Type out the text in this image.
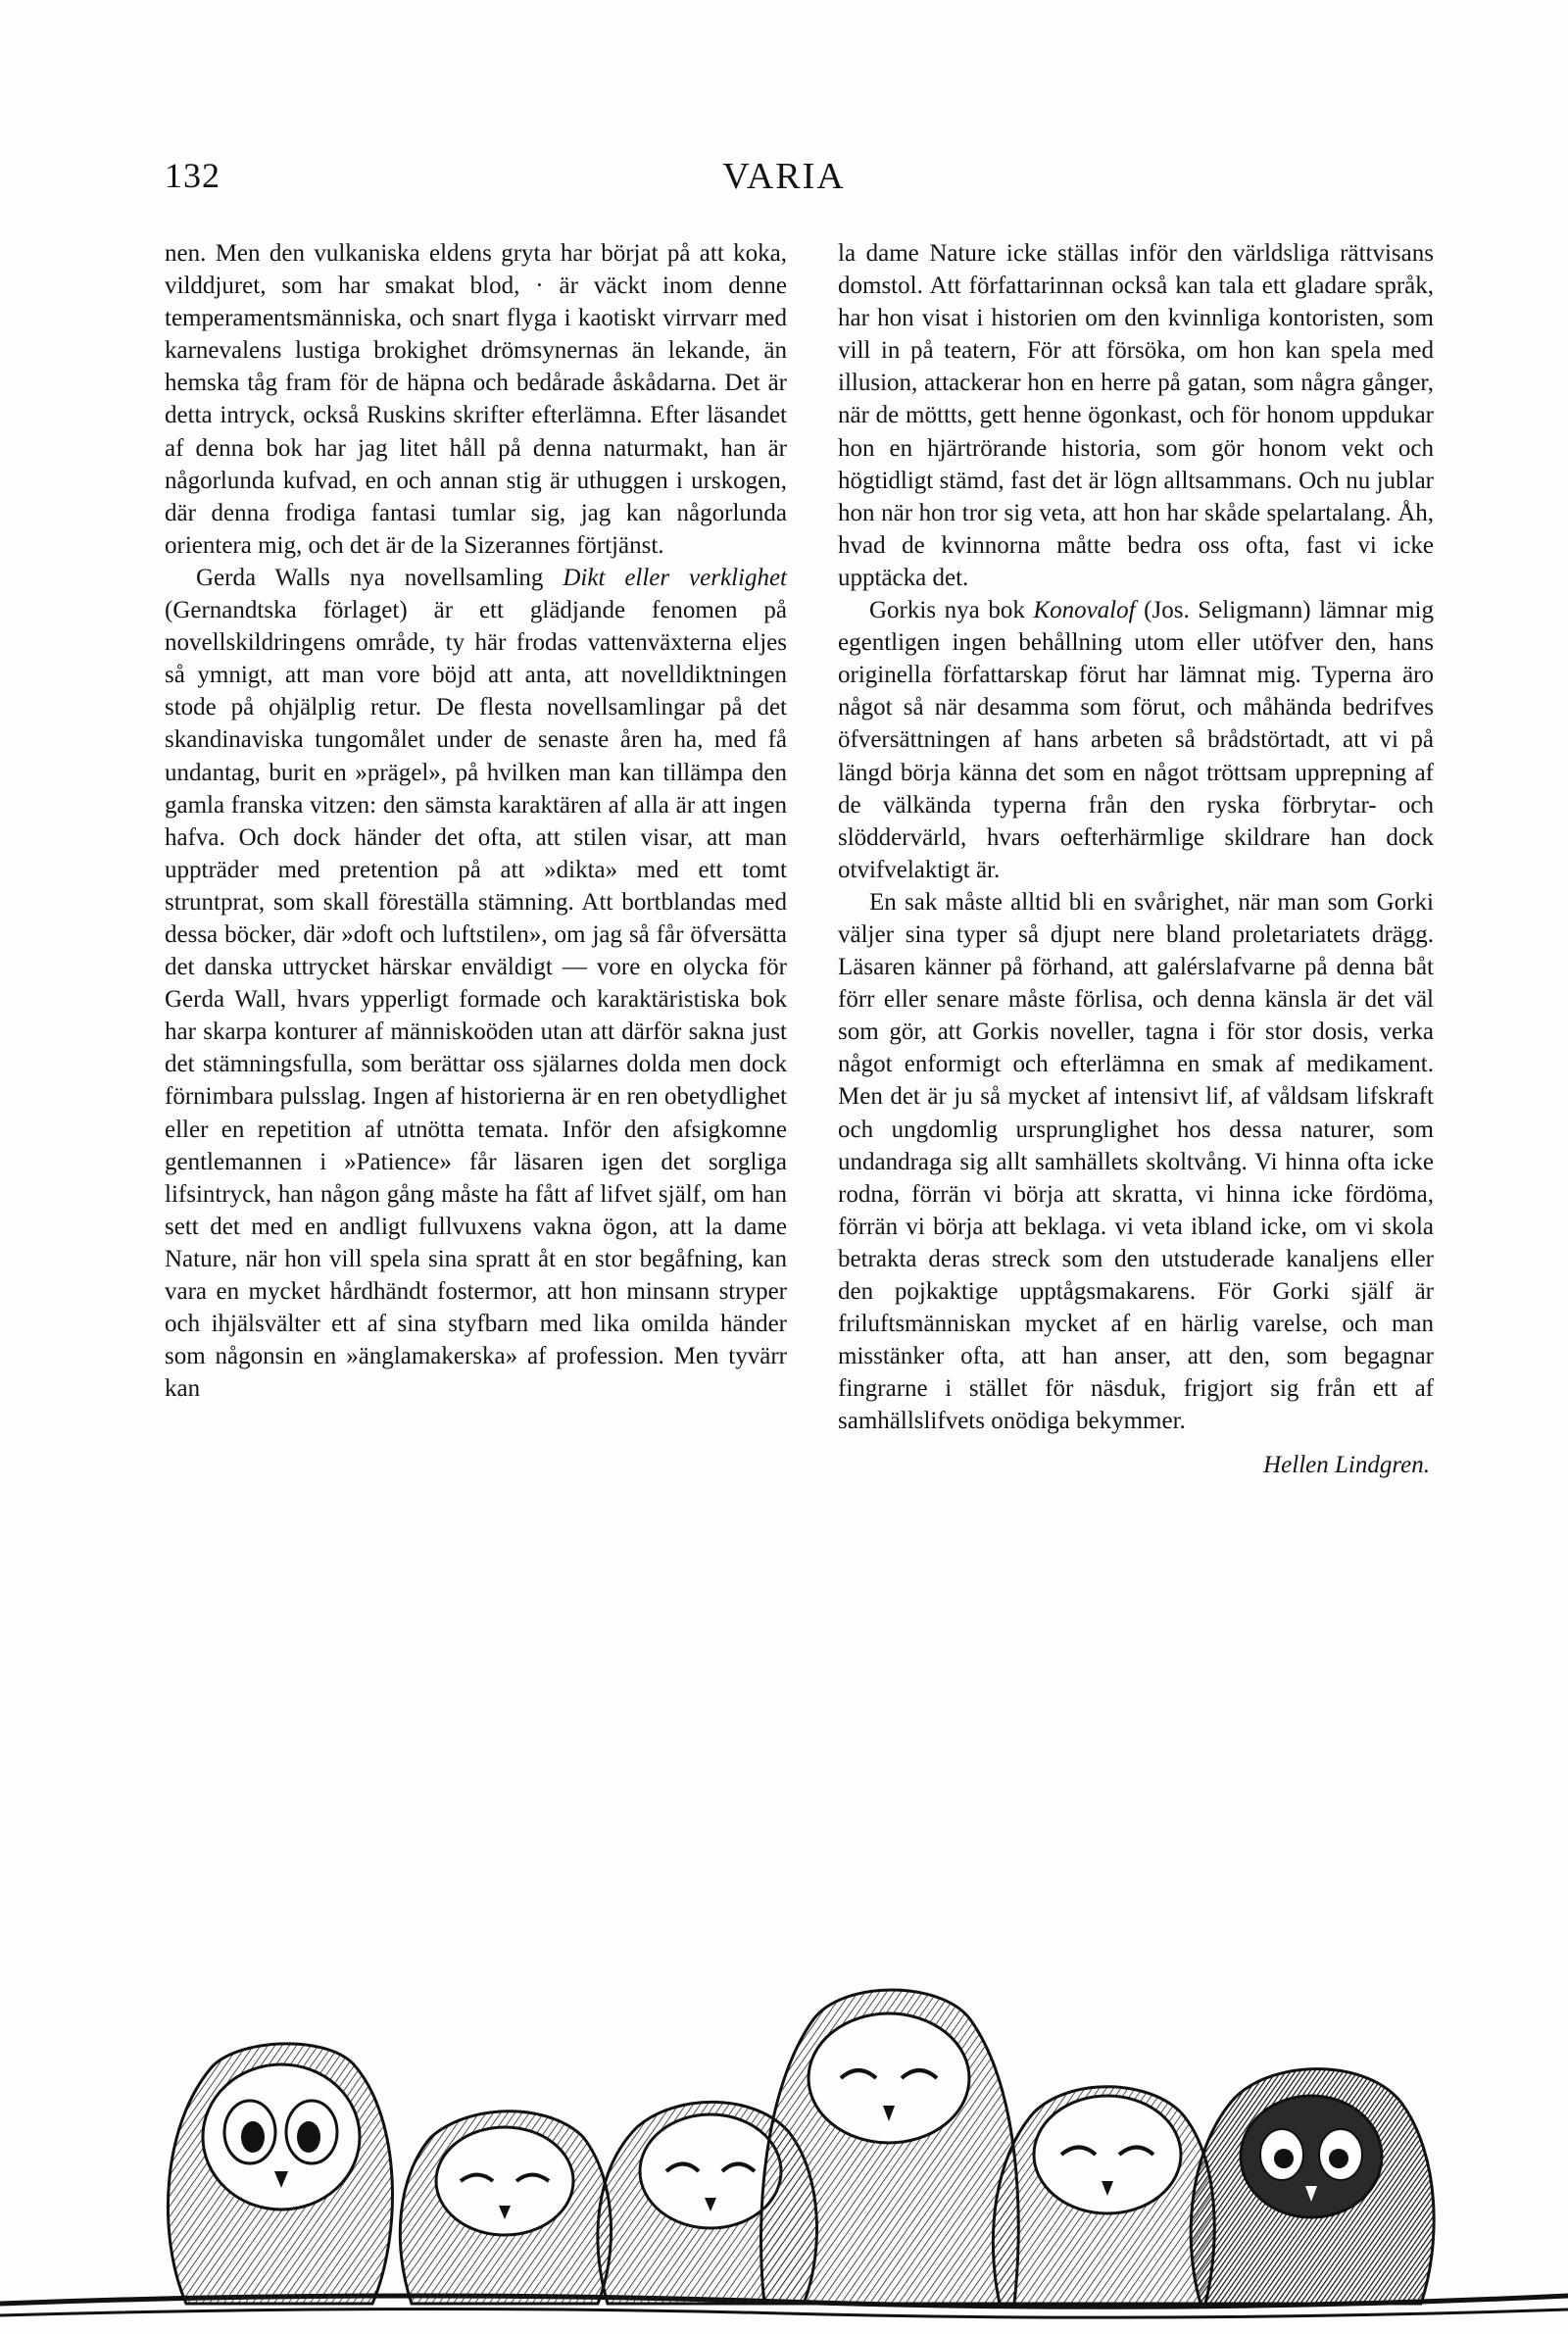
132	VARIA

nen. Men den vulkaniska eldens gryta har börjat på att koka, vilddjuret, som har smakat blod, · är väckt inom denne temperamentsmänniska, och snart flyga i kaotiskt virrvarr med karnevalens lustiga brokighet drömsynernas än lekande, än hemska tåg fram för de häpna och bedårade åskådarna. Det är detta intryck, också Ruskins skrifter efterlämna. Efter läsandet af denna bok har jag litet håll på denna naturmakt, han är någorlunda kufvad, en och annan stig är uthuggen i urskogen, där denna frodiga fantasi tumlar sig, jag kan någorlunda orientera mig, och det är de la Sizerannes förtjänst.

Gerda Walls nya novellsamling Dikt eller verklighet (Gernandtska förlaget) är ett glädjande fenomen på novellskildringens område, ty här frodas vattenväxterna eljes så ymnigt, att man vore böjd att anta, att novelldiktningen stode på ohjälplig retur. De flesta novellsamlingar på det skandinaviska tungomålet under de senaste åren ha, med få undantag, burit en »prägel», på hvilken man kan tillämpa den gamla franska vitzen: den sämsta karaktären af alla är att ingen hafva. Och dock händer det ofta, att stilen visar, att man uppträder med pretention på att »dikta» med ett tomt struntprat, som skall föreställa stämning. Att bortblandas med dessa böcker, där »doft och luftstilen», om jag så får öfversätta det danska uttrycket härskar enväldigt — vore en olycka för Gerda Wall, hvars ypperligt formade och karaktäristiska bok har skarpa konturer af människoöden utan att därför sakna just det stämningsfulla, som berättar oss själarnes dolda men dock förnimbara pulsslag. Ingen af historierna är en ren obetydlighet eller en repetition af utnötta temata. Inför den afsigkomne gentlemannen i »Patience» får läsaren igen det sorgliga lifsintryck, han någon gång måste ha fått af lifvet själf, om han sett det med en andligt fullvuxens vakna ögon, att la dame Nature, när hon vill spela sina spratt åt en stor begåfning, kan vara en mycket hårdhändt fostermor, att hon minsann stryper och ihjälsvälter ett af sina styfbarn med lika omilda händer som någonsin en »änglamakerska» af profession. Men tyvärr kan

la dame Nature icke ställas inför den världsliga rättvisans domstol. Att författarinnan också kan tala ett gladare språk, har hon visat i historien om den kvinnliga kontoristen, som vill in på teatern, För att försöka, om hon kan spela med illusion, attackerar hon en herre på gatan, som några gånger, när de möttts, gett henne ögonkast, och för honom uppdukar hon en hjärtrörande historia, som gör honom vekt och högtidligt stämd, fast det är lögn alltsammans. Och nu jublar hon när hon tror sig veta, att hon har skåde spelartalang. Åh, hvad de kvinnorna måtte bedra oss ofta, fast vi icke upptäcka det.

Gorkis nya bok Konovalof (Jos. Seligmann) lämnar mig egentligen ingen behållning utom eller utöfver den, hans originella författarskap förut har lämnat mig. Typerna äro något så när desamma som förut, och måhända bedrifves öfversättningen af hans arbeten så brådstörtadt, att vi på längd börja känna det som en något tröttsam upprepning af de välkända typerna från den ryska förbrytar- och slöddervärld, hvars oefterhärmlige skildrare han dock otvifvelaktigt är.

En sak måste alltid bli en svårighet, när man som Gorki väljer sina typer så djupt nere bland proletariatets drägg. Läsaren känner på förhand, att galérslafvarne på denna båt förr eller senare måste förlisa, och denna känsla är det väl som gör, att Gorkis noveller, tagna i för stor dosis, verka något enformigt och efterlämna en smak af medikament. Men det är ju så mycket af intensivt lif, af våldsam lifskraft och ungdomlig ursprunglighet hos dessa naturer, som undandraga sig allt samhällets skoltvång. Vi hinna ofta icke rodna, förrän vi börja att skratta, vi hinna icke fördöma, förrän vi börja att beklaga. vi veta ibland icke, om vi skola betrakta deras streck som den utstuderade kanaljens eller den pojkaktige upptågsmakarens. För Gorki själf är friluftsmänniskan mycket af en härlig varelse, och man misstänker ofta, att han anser, att den, som begagnar fingrarne i stället för näsduk, frigjort sig från ett af samhällslifvets onödiga bekymmer.

Hellen Lindgren.
